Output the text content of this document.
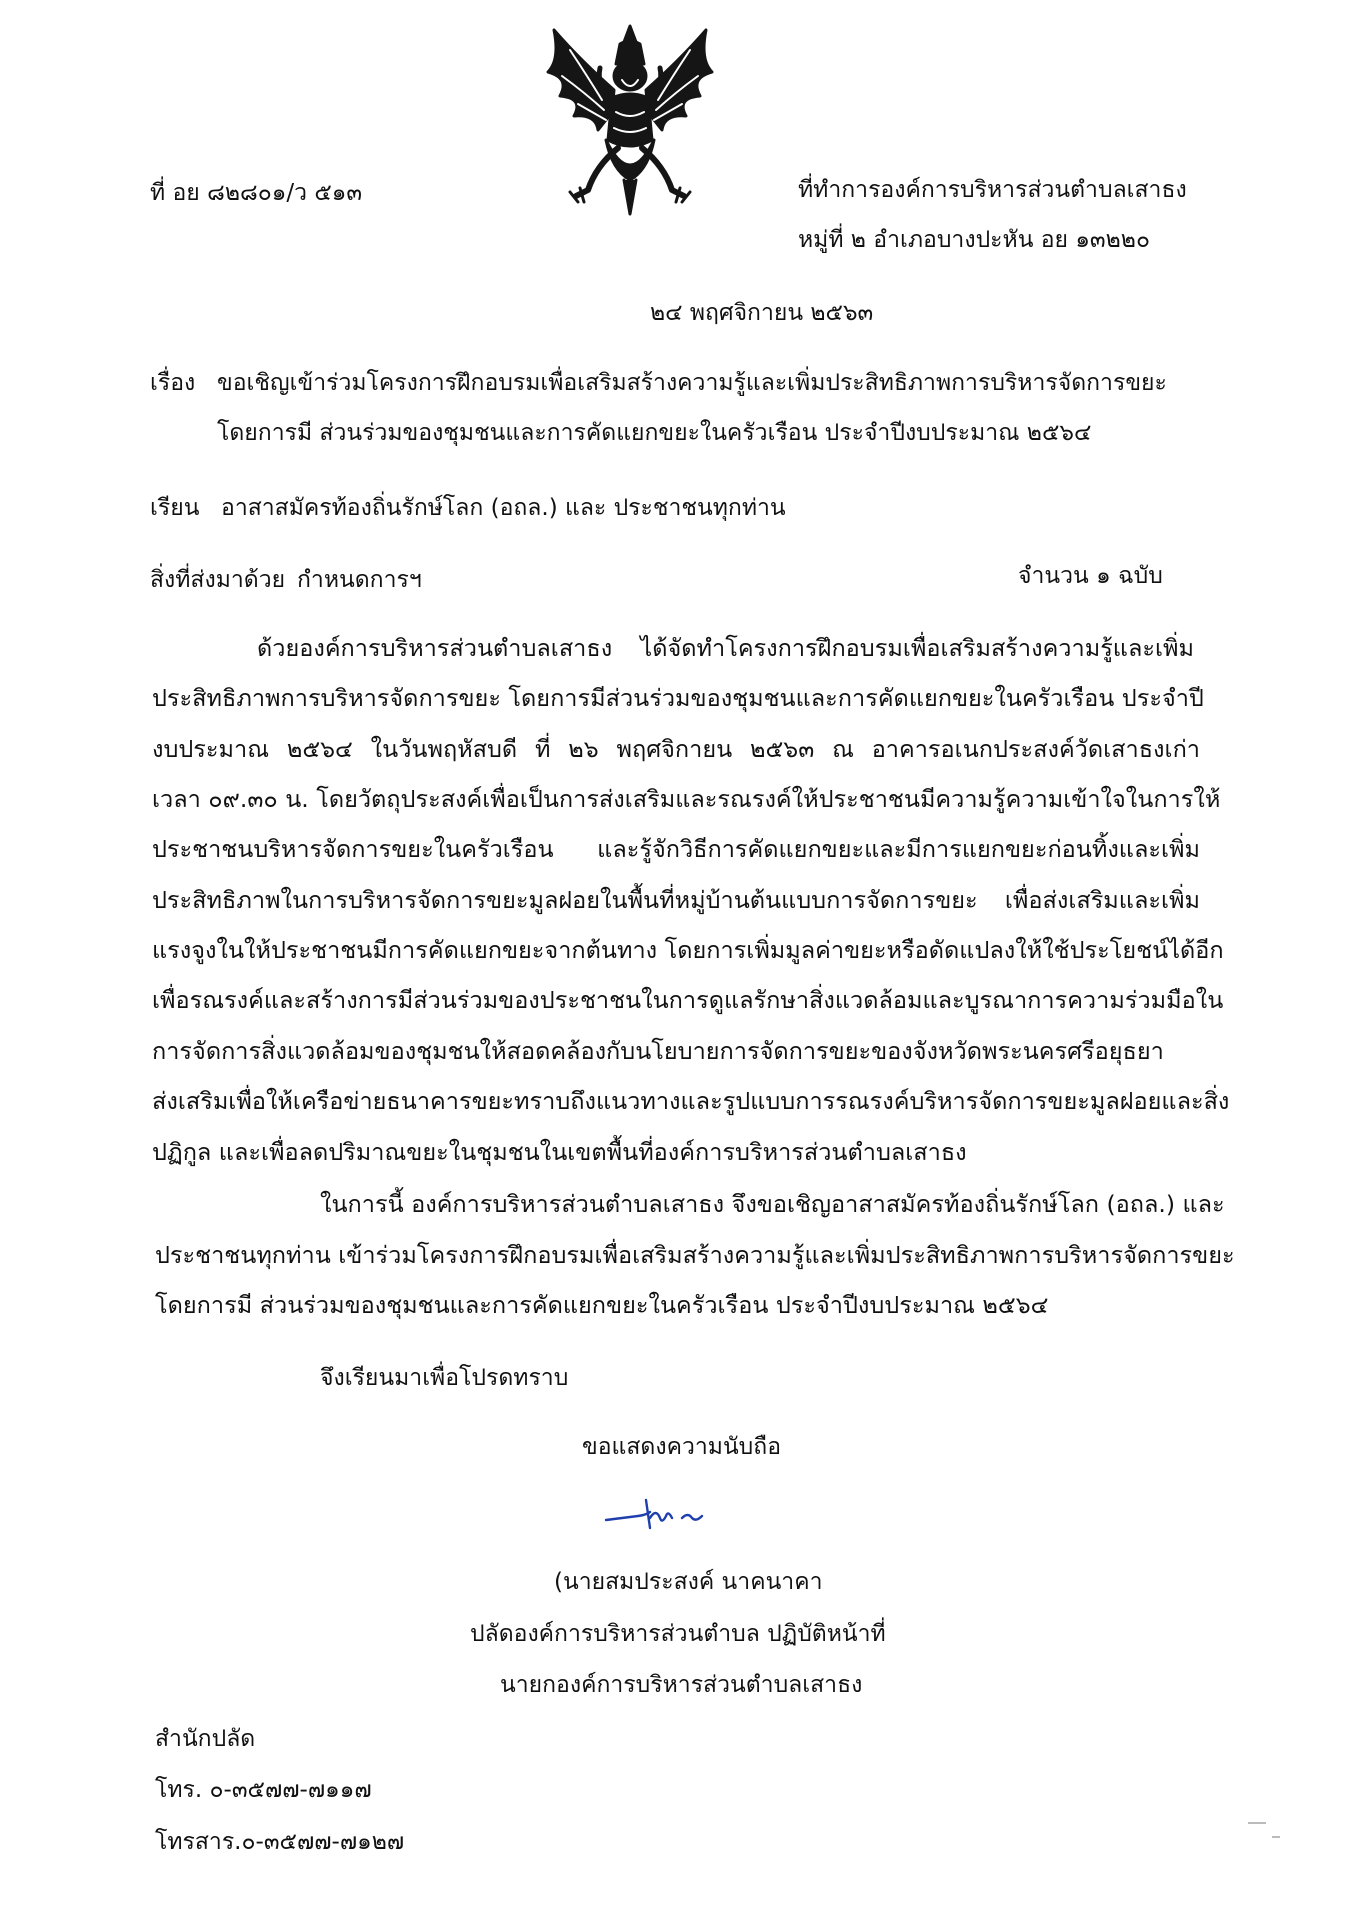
ที่ อย ๘๒๘๐๑/ว ๕๑๓	ที่ทำการองค์การบริหารส่วนตำบลเสาธง
หมู่ที่ ๒ อำเภอบางปะหัน อย ๑๓๒๒๐
๒๔ พฤศจิกายน ๒๕๖๓
เรื่อง ขอเชิญเข้าร่วมโครงการฝึกอบรมเพื่อเสริมสร้างความรู้และเพิ่มประสิทธิภาพการบริหารจัดการขยะ
โดยการมี ส่วนร่วมของชุมชนและการคัดแยกขยะในครัวเรือน ประจำปีงบประมาณ ๒๕๖๔
เรียน อาสาสมัครท้องถิ่นรักษ์โลก (อถล.) และ ประชาชนทุกท่าน
สิ่งที่ส่งมาด้วย กำหนดการฯ	จำนวน ๑ ฉบับ
ด้วยองค์การบริหารส่วนตำบลเสาธง ได้จัดทำโครงการฝึกอบรมเพื่อเสริมสร้างความรู้และเพิ่ม
ประสิทธิภาพการบริหารจัดการขยะ โดยการมีส่วนร่วมของชุมชนและการคัดแยกขยะในครัวเรือน ประจำปี
งบประมาณ ๒๕๖๔ ในวันพฤหัสบดี ที่ ๒๖ พฤศจิกายน ๒๕๖๓ ณ อาคารอเนกประสงค์วัดเสาธงเก่า
เวลา ๐๙.๓๐ น. โดยวัตถุประสงค์เพื่อเป็นการส่งเสริมและรณรงค์ให้ประชาชนมีความรู้ความเข้าใจในการให้
ประชาชนบริหารจัดการขยะในครัวเรือน และรู้จักวิธีการคัดแยกขยะและมีการแยกขยะก่อนทิ้งและเพิ่ม
ประสิทธิภาพในการบริหารจัดการขยะมูลฝอยในพื้นที่หมู่บ้านต้นแบบการจัดการขยะ เพื่อส่งเสริมและเพิ่ม
แรงจูงในให้ประชาชนมีการคัดแยกขยะจากต้นทาง โดยการเพิ่มมูลค่าขยะหรือดัดแปลงให้ใช้ประโยชน์ได้อีก
เพื่อรณรงค์และสร้างการมีส่วนร่วมของประชาชนในการดูแลรักษาสิ่งแวดล้อมและบูรณาการความร่วมมือใน
การจัดการสิ่งแวดล้อมของชุมชนให้สอดคล้องกับนโยบายการจัดการขยะของจังหวัดพระนครศรีอยุธยา
ส่งเสริมเพื่อให้เครือข่ายธนาคารขยะทราบถึงแนวทางและรูปแบบการรณรงค์บริหารจัดการขยะมูลฝอยและสิ่ง
ปฏิกูล และเพื่อลดปริมาณขยะในชุมชนในเขตพื้นที่องค์การบริหารส่วนตำบลเสาธง
ในการนี้ องค์การบริหารส่วนตำบลเสาธง จึงขอเชิญอาสาสมัครท้องถิ่นรักษ์โลก (อถล.) และ
ประชาชนทุกท่าน เข้าร่วมโครงการฝึกอบรมเพื่อเสริมสร้างความรู้และเพิ่มประสิทธิภาพการบริหารจัดการขยะ
โดยการมี ส่วนร่วมของชุมชนและการคัดแยกขยะในครัวเรือน ประจำปีงบประมาณ ๒๕๖๔
จึงเรียนมาเพื่อโปรดทราบ
ขอแสดงความนับถือ
(นายสมประสงค์ นาคนาคา
ปลัดองค์การบริหารส่วนตำบล ปฏิบัติหน้าที่
นายกองค์การบริหารส่วนตำบลเสาธง
สำนักปลัด
โทร. ๐-๓๕๗๗-๗๑๑๗
โทรสาร.๐-๓๕๗๗-๗๑๒๗
